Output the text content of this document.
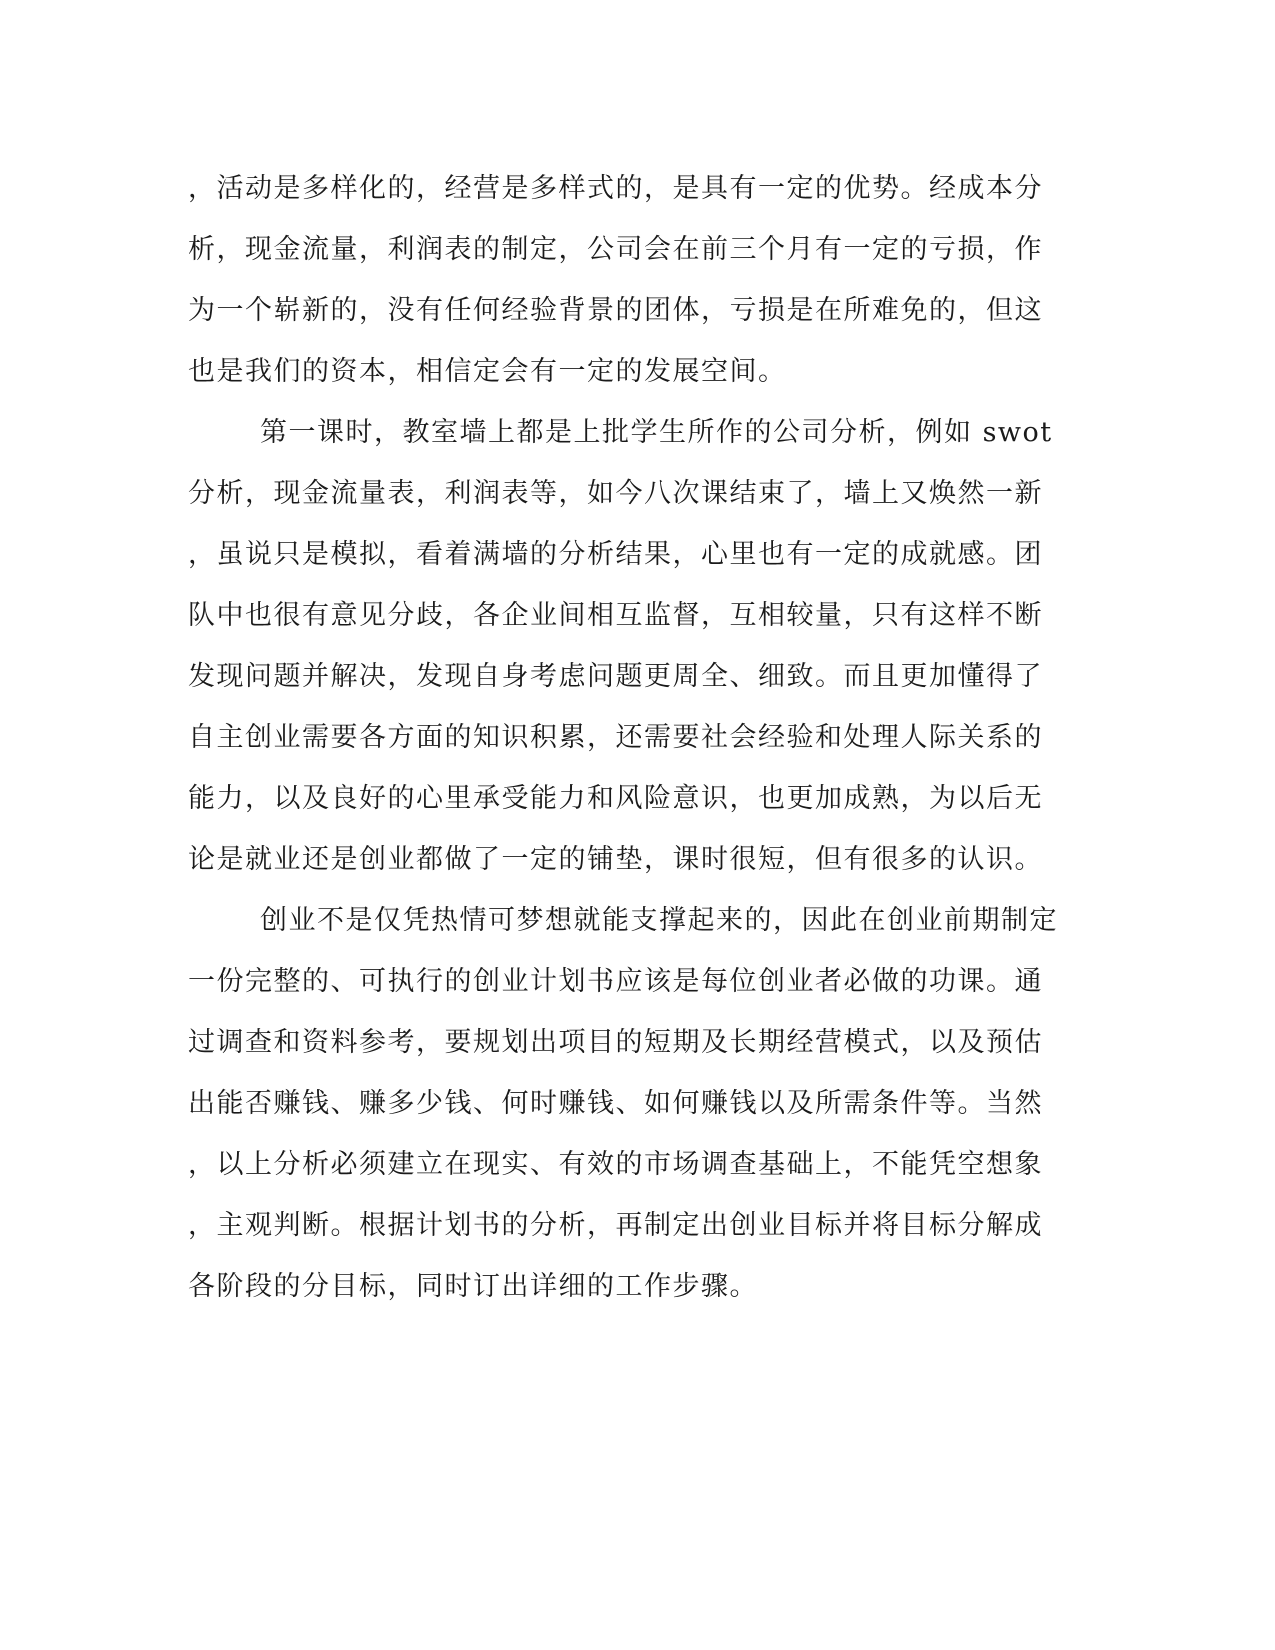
，活动是多样化的，经营是多样式的，是具有一定的优势。经成本分
析，现金流量，利润表的制定，公司会在前三个月有一定的亏损，作
为一个崭新的，没有任何经验背景的团体，亏损是在所难免的，但这
也是我们的资本，相信定会有一定的发展空间。
第一课时，教室墙上都是上批学生所作的公司分析，例如 swot
分析，现金流量表，利润表等，如今八次课结束了，墙上又焕然一新
，虽说只是模拟，看着满墙的分析结果，心里也有一定的成就感。团
队中也很有意见分歧，各企业间相互监督，互相较量，只有这样不断
发现问题并解决，发现自身考虑问题更周全、细致。而且更加懂得了
自主创业需要各方面的知识积累，还需要社会经验和处理人际关系的
能力，以及良好的心里承受能力和风险意识，也更加成熟，为以后无
论是就业还是创业都做了一定的铺垫，课时很短，但有很多的认识。
创业不是仅凭热情可梦想就能支撑起来的，因此在创业前期制定
一份完整的、可执行的创业计划书应该是每位创业者必做的功课。通
过调查和资料参考，要规划出项目的短期及长期经营模式，以及预估
出能否赚钱、赚多少钱、何时赚钱、如何赚钱以及所需条件等。当然
，以上分析必须建立在现实、有效的市场调查基础上，不能凭空想象
，主观判断。根据计划书的分析，再制定出创业目标并将目标分解成
各阶段的分目标，同时订出详细的工作步骤。
